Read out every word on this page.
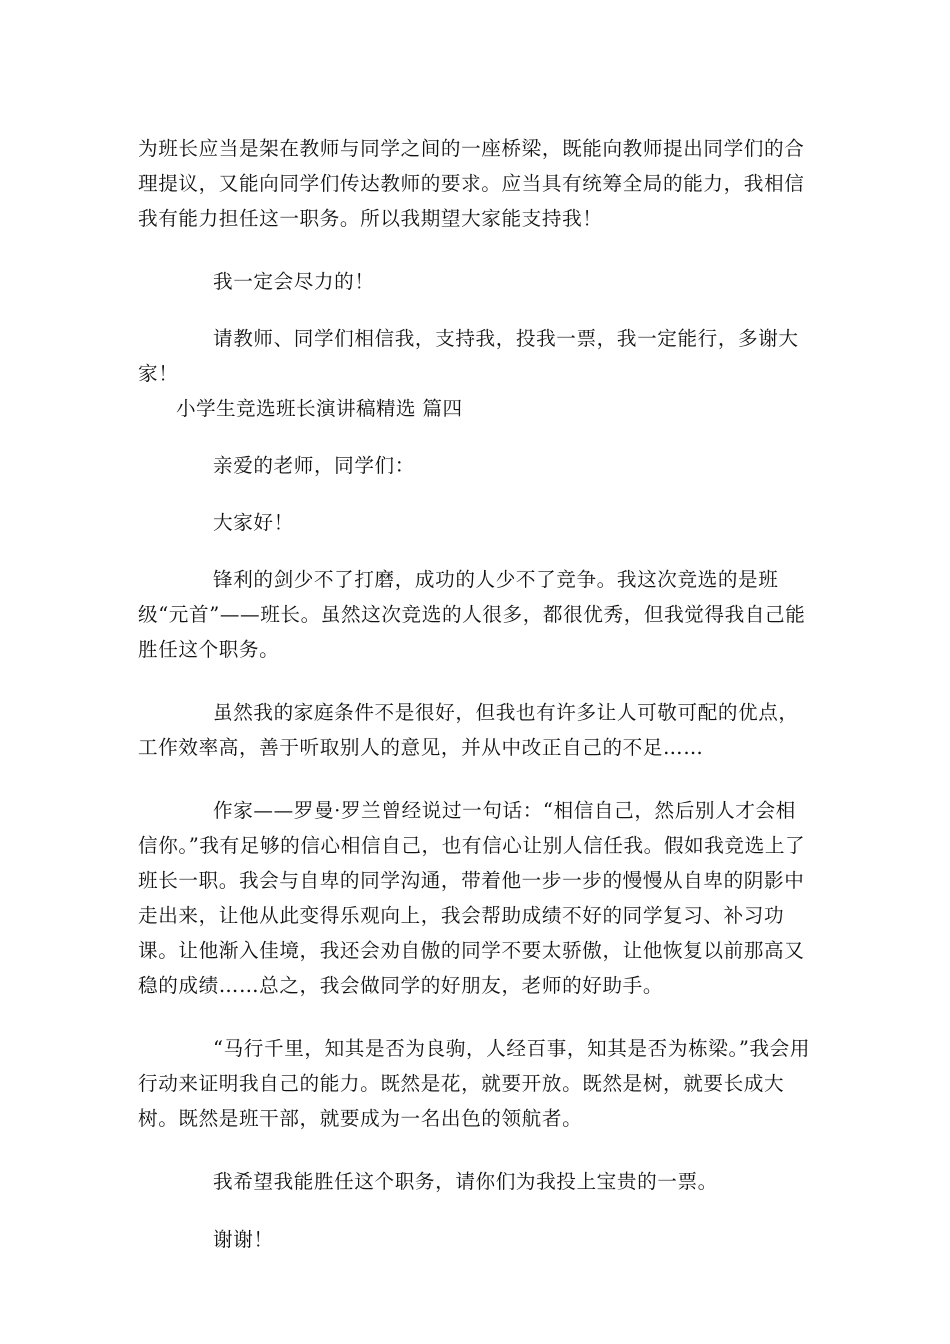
为班长应当是架在教师与同学之间的一座桥梁，既能向教师提出同学们的合理提议，又能向同学们传达教师的要求。应当具有统筹全局的能力，我相信我有能力担任这一职务。所以我期望大家能支持我！

我一定会尽力的！

请教师、同学们相信我，支持我，投我一票，我一定能行，多谢大家！

小学生竞选班长演讲稿精选 篇四

亲爱的老师，同学们：

大家好！

锋利的剑少不了打磨，成功的人少不了竞争。我这次竞选的是班级“元首”——班长。虽然这次竞选的人很多，都很优秀，但我觉得我自己能胜任这个职务。

虽然我的家庭条件不是很好，但我也有许多让人可敬可配的优点，工作效率高，善于听取别人的意见，并从中改正自己的不足……

作家——罗曼·罗兰曾经说过一句话：“相信自己，然后别人才会相信你。”我有足够的信心相信自己，也有信心让别人信任我。假如我竞选上了班长一职。我会与自卑的同学沟通，带着他一步一步的慢慢从自卑的阴影中走出来，让他从此变得乐观向上，我会帮助成绩不好的同学复习、补习功课。让他渐入佳境，我还会劝自傲的同学不要太骄傲，让他恢复以前那高又稳的成绩……总之，我会做同学的好朋友，老师的好助手。

“马行千里，知其是否为良驹，人经百事，知其是否为栋梁。”我会用行动来证明我自己的能力。既然是花，就要开放。既然是树，就要长成大树。既然是班干部，就要成为一名出色的领航者。

我希望我能胜任这个职务，请你们为我投上宝贵的一票。

谢谢！
